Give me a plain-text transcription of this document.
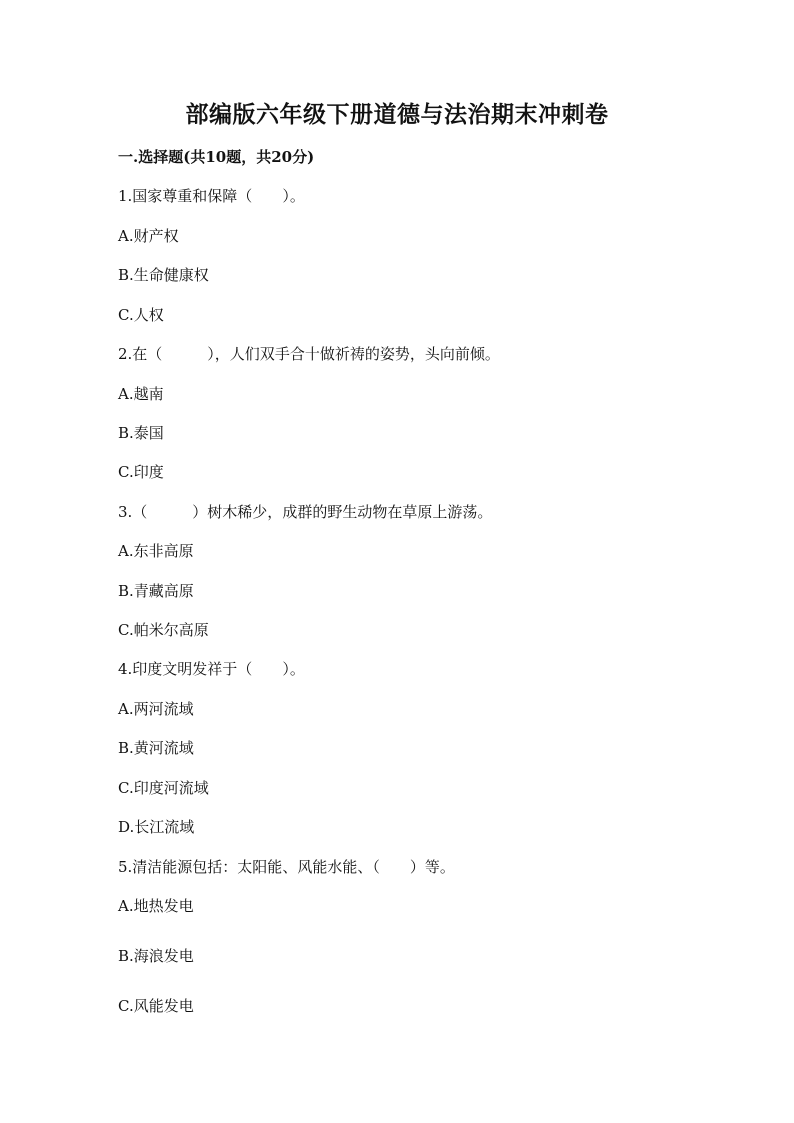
部编版六年级下册道德与法治期末冲刺卷
一.选择题(共10题，共20分)
1.国家尊重和保障（　　）。
A.财产权
B.生命健康权
C.人权
2.在（　　　），人们双手合十做祈祷的姿势，头向前倾。
A.越南
B.泰国
C.印度
3.（　　　）树木稀少，成群的野生动物在草原上游荡。
A.东非高原
B.青藏高原
C.帕米尔高原
4.印度文明发祥于（　　）。
A.两河流域
B.黄河流域
C.印度河流域
D.长江流域
5.清洁能源包括：太阳能、风能水能、（　　）等。
A.地热发电
B.海浪发电
C.风能发电
